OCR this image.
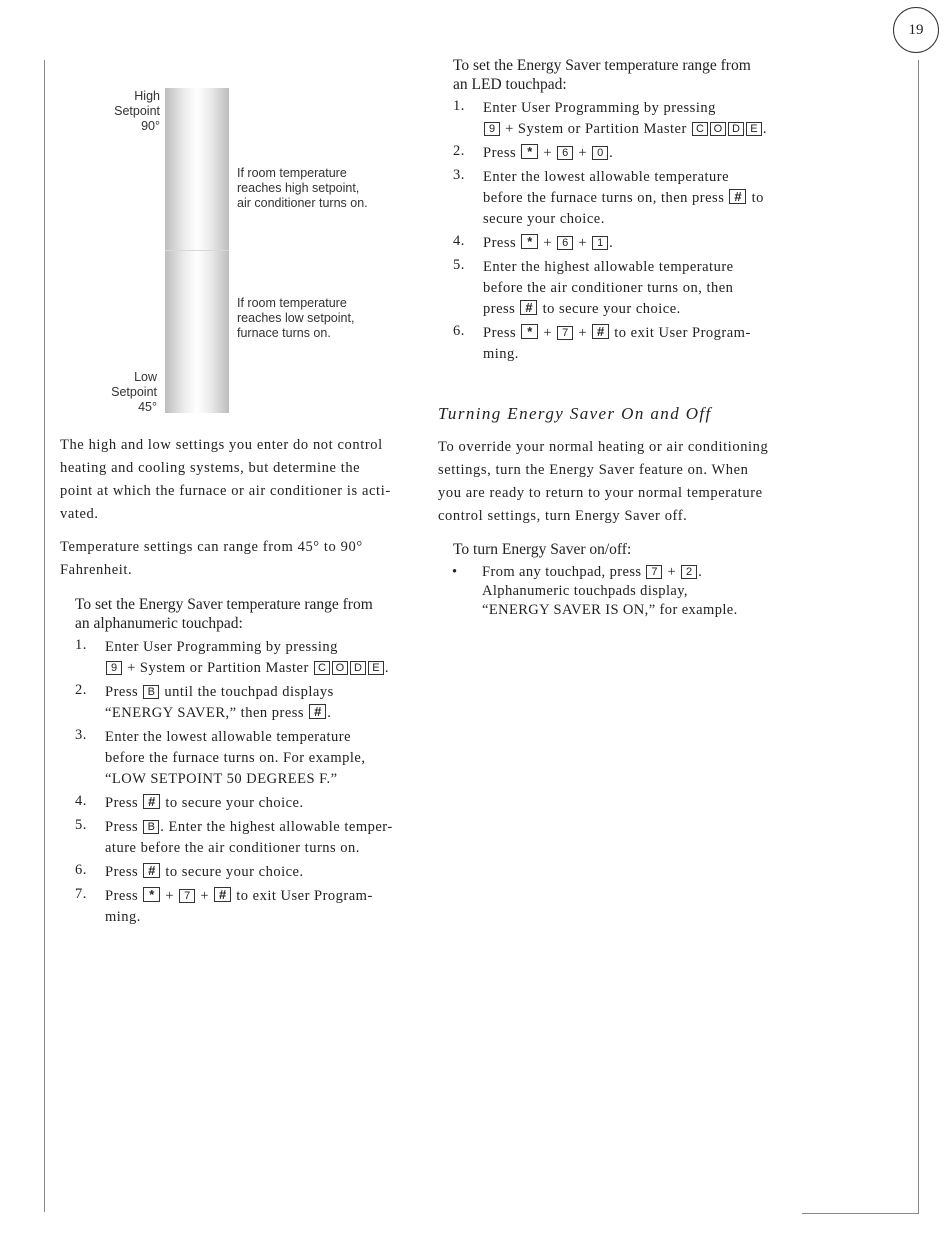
19
High
Setpoint
90°
Low
Setpoint
45°
If room temperature
reaches high setpoint,
air conditioner turns on.
If room temperature
reaches low setpoint,
furnace turns on.
The high and low settings you enter do not control
heating and cooling systems, but determine the
point at which the furnace or air conditioner is acti-
vated.
Temperature settings can range from 45° to 90°
Fahrenheit.
To set the Energy Saver temperature range from
an alphanumeric touchpad:
1. Enter User Programming by pressing
9 + System or Partition Master C O D E .
2. Press B until the touchpad displays
“ENERGY SAVER,” then press # .
3. Enter the lowest allowable temperature
before the furnace turns on. For example,
“LOW SETPOINT 50 DEGREES F.”
4. Press # to secure your choice.
5. Press B . Enter the highest allowable temper-
ature before the air conditioner turns on.
6. Press # to secure your choice.
7. Press * + 7 + # to exit User Program-
ming.
To set the Energy Saver temperature range from
an LED touchpad:
1. Enter User Programming by pressing
9 + System or Partition Master C O D E .
2. Press * + 6 + 0 .
3. Enter the lowest allowable temperature
before the furnace turns on, then press # to
secure your choice.
4. Press * + 6 + 1 .
5. Enter the highest allowable temperature
before the air conditioner turns on, then
press # to secure your choice.
6. Press * + 7 + # to exit User Program-
ming.
Turning Energy Saver On and Off
To override your normal heating or air conditioning
settings, turn the Energy Saver feature on. When
you are ready to return to your normal temperature
control settings, turn Energy Saver off.
To turn Energy Saver on/off:
• From any touchpad, press 7 + 2 .
Alphanumeric touchpads display,
“ENERGY SAVER IS ON,” for example.
